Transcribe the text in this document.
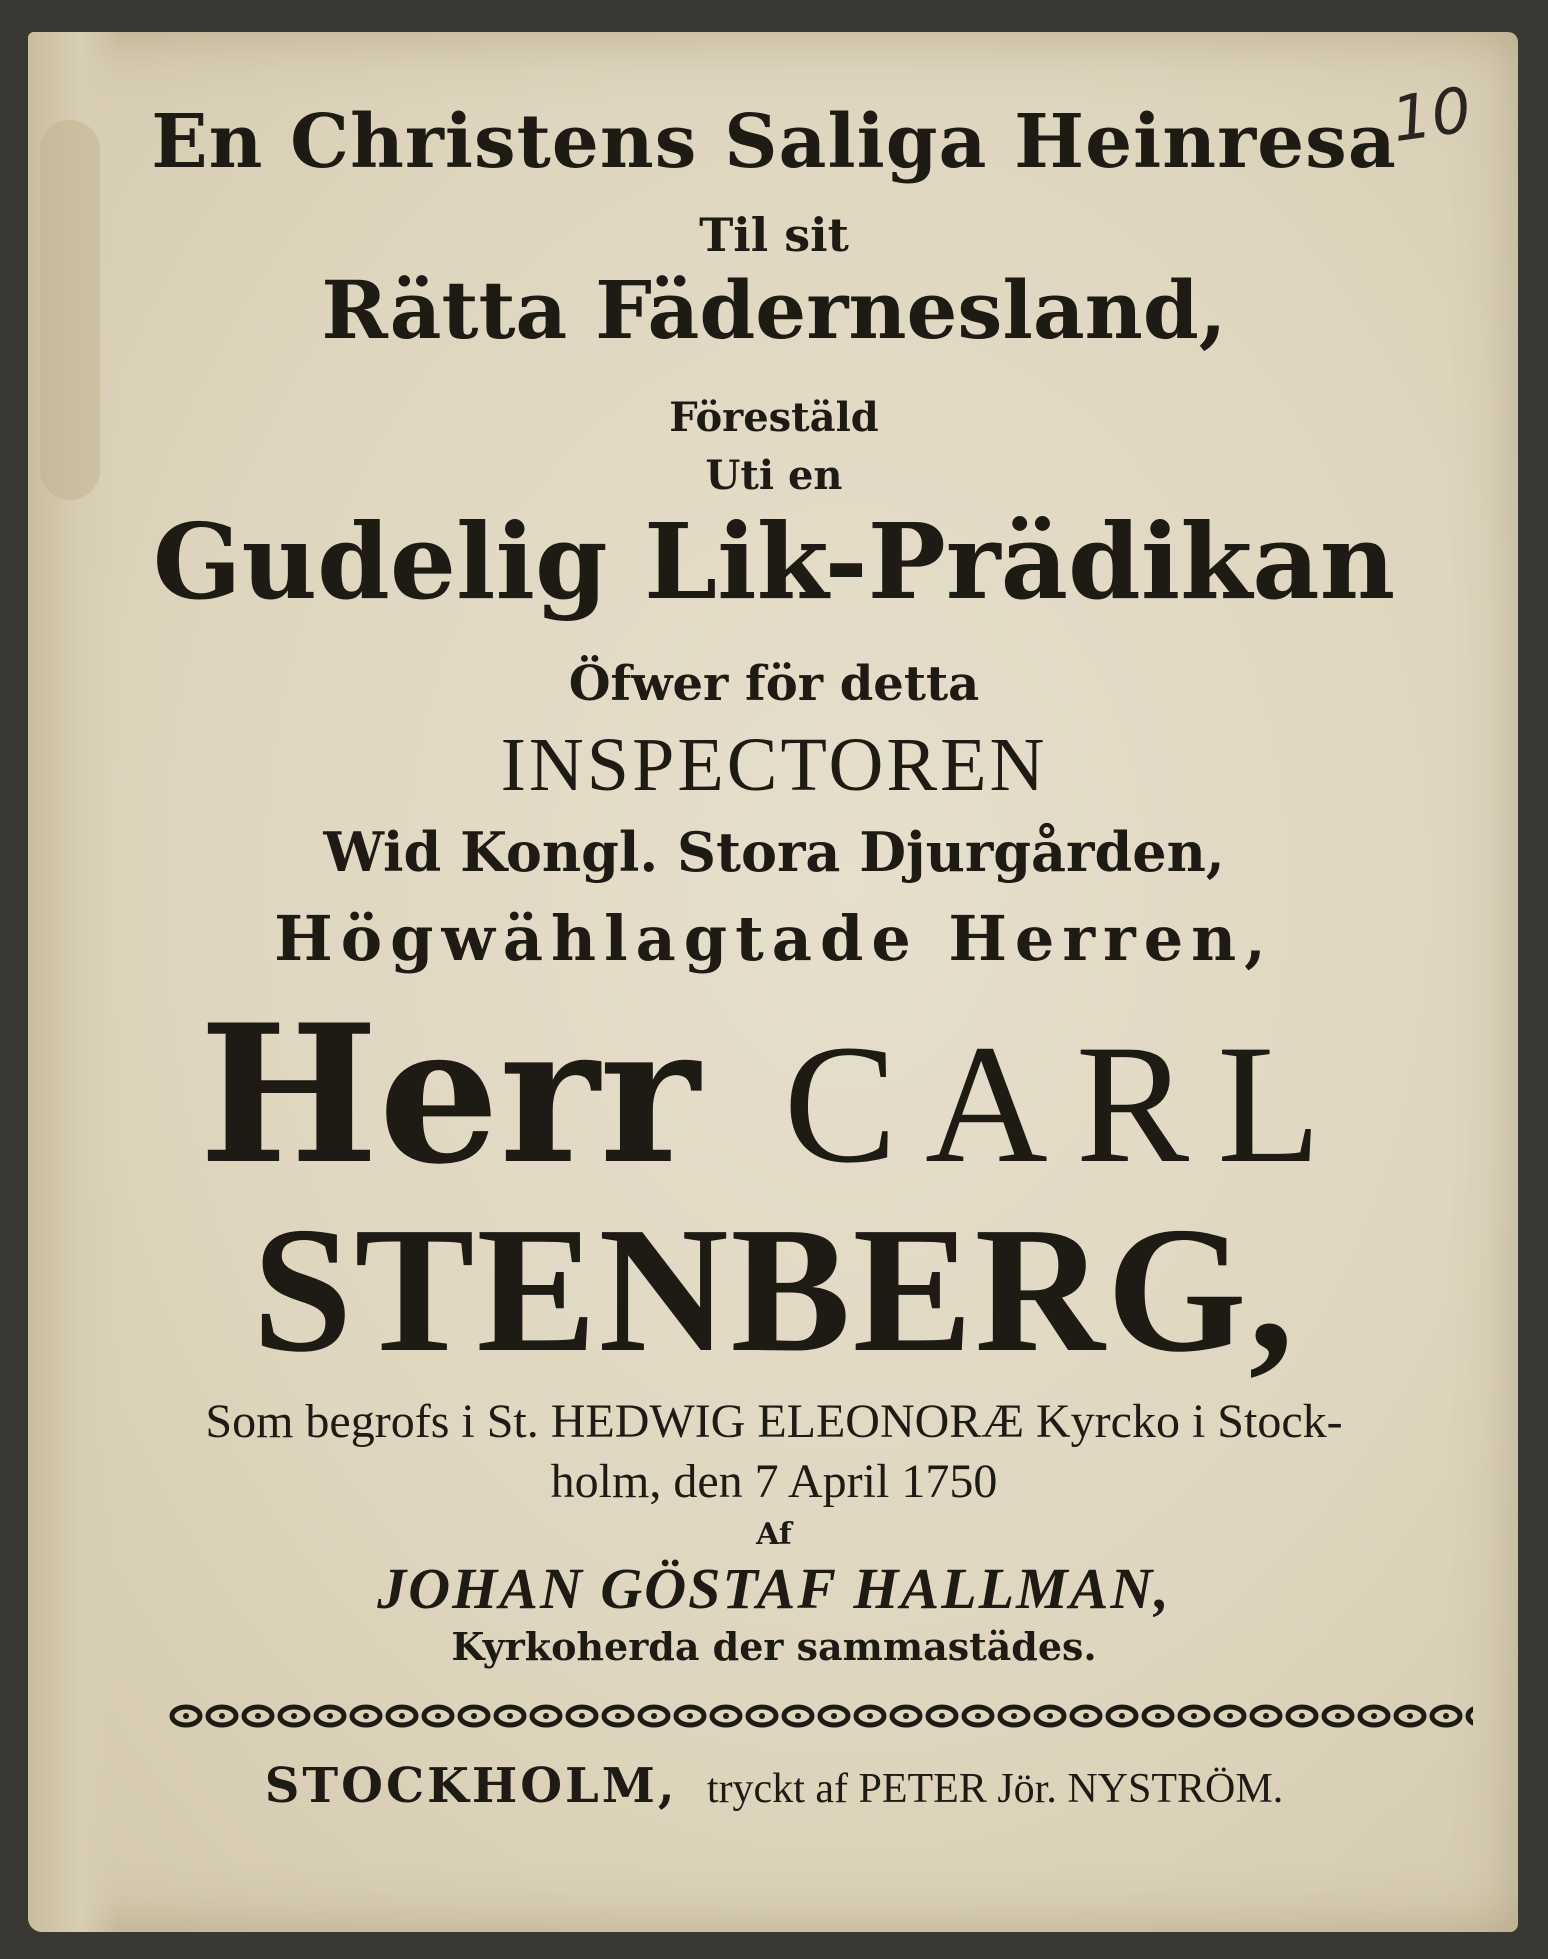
10
En Christens Saliga Heinresa
Til sit
Rätta Fädernesland,
Förestäld
Uti en
Gudelig Lik-Prädikan
Öfwer för detta
INSPECTOREN
Wid Kongl. Stora Djurgården,
Högwählagtade Herren,
Herr CARL
STENBERG,
Som begrofs i St. HEDWIG ELEONORÆ Kyrcko i Stock-
holm, den 7 April 1750
Af
JOHAN GÖSTAF HALLMAN,
Kyrkoherda der sammastädes.
STOCKHOLM, tryckt af PETER Jör. NYSTRÖM.
